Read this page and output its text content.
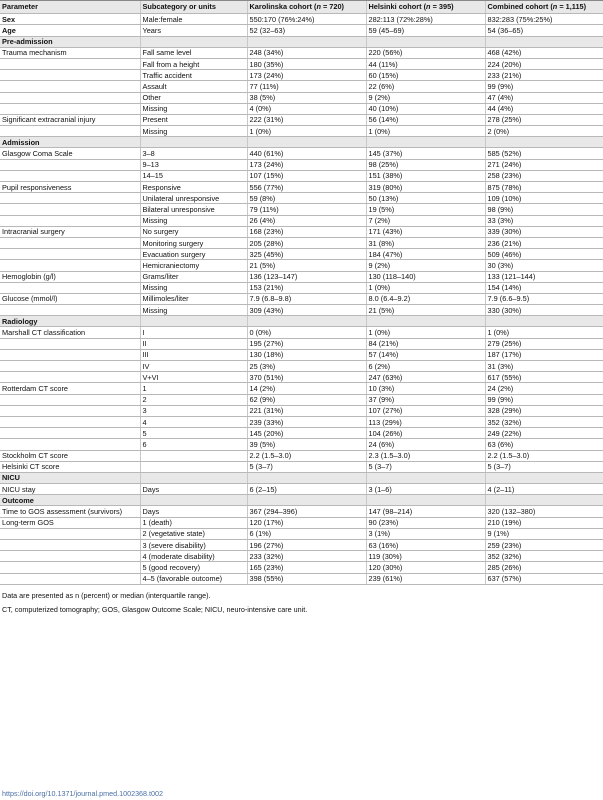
Parameter	Subcategory or units	Karolinska cohort (n = 720)	Helsinki cohort (n = 395)	Combined cohort (n = 1,115)
Sex	Male:female	550:170 (76%:24%)	282:113 (72%:28%)	832:283 (75%:25%)
Age	Years	52 (32–63)	59 (45–69)	54 (36–65)
Pre-admission				
Trauma mechanism	Fall same level	248 (34%)	220 (56%)	468 (42%)
	Fall from a height	180 (35%)	44 (11%)	224 (20%)
	Traffic accident	173 (24%)	60 (15%)	233 (21%)
	Assault	77 (11%)	22 (6%)	99 (9%)
	Other	38 (5%)	9 (2%)	47 (4%)
	Missing	4 (0%)	40 (10%)	44 (4%)
Significant extracranial injury	Present	222 (31%)	56 (14%)	278 (25%)
	Missing	1 (0%)	1 (0%)	2 (0%)
Admission				
Glasgow Coma Scale	3–8	440 (61%)	145 (37%)	585 (52%)
	9–13	173 (24%)	98 (25%)	271 (24%)
	14–15	107 (15%)	151 (38%)	258 (23%)
Pupil responsiveness	Responsive	556 (77%)	319 (80%)	875 (78%)
	Unilateral unresponsive	59 (8%)	50 (13%)	109 (10%)
	Bilateral unresponsive	79 (11%)	19 (5%)	98 (9%)
	Missing	26 (4%)	7 (2%)	33 (3%)
Intracranial surgery	No surgery	168 (23%)	171 (43%)	339 (30%)
	Monitoring surgery	205 (28%)	31 (8%)	236 (21%)
	Evacuation surgery	325 (45%)	184 (47%)	509 (46%)
	Hemicraniectomy	21 (5%)	9 (2%)	30 (3%)
Hemoglobin (g/l)	Grams/liter	136 (123–147)	130 (118–140)	133 (121–144)
	Missing	153 (21%)	1 (0%)	154 (14%)
Glucose (mmol/l)	Millimoles/liter	7.9 (6.8–9.8)	8.0 (6.4–9.2)	7.9 (6.6–9.5)
	Missing	309 (43%)	21 (5%)	330 (30%)
Radiology				
Marshall CT classification	I	0 (0%)	1 (0%)	1 (0%)
	II	195 (27%)	84 (21%)	279 (25%)
	III	130 (18%)	57 (14%)	187 (17%)
	IV	25 (3%)	6 (2%)	31 (3%)
	V+VI	370 (51%)	247 (63%)	617 (55%)
Rotterdam CT score	1	14 (2%)	10 (3%)	24 (2%)
	2	62 (9%)	37 (9%)	99 (9%)
	3	221 (31%)	107 (27%)	328 (29%)
	4	239 (33%)	113 (29%)	352 (32%)
	5	145 (20%)	104 (26%)	249 (22%)
	6	39 (5%)	24 (6%)	63 (6%)
Stockholm CT score		2.2 (1.5–3.0)	2.3 (1.5–3.0)	2.2 (1.5–3.0)
Helsinki CT score		5 (3–7)	5 (3–7)	5 (3–7)
NICU				
NICU stay	Days	6 (2–15)	3 (1–6)	4 (2–11)
Outcome				
Time to GOS assessment (survivors)	Days	367 (294–396)	147 (98–214)	320 (132–380)
Long-term GOS	1 (death)	120 (17%)	90 (23%)	210 (19%)
	2 (vegetative state)	6 (1%)	3 (1%)	9 (1%)
	3 (severe disability)	196 (27%)	63 (16%)	259 (23%)
	4 (moderate disability)	233 (32%)	119 (30%)	352 (32%)
	5 (good recovery)	165 (23%)	120 (30%)	285 (26%)
	4–5 (favorable outcome)	398 (55%)	239 (61%)	637 (57%)

Data are presented as n (percent) or median (interquartile range).

CT, computerized tomography; GOS, Glasgow Outcome Scale; NICU, neuro-intensive care unit.

https://doi.org/10.1371/journal.pmed.1002368.t002
